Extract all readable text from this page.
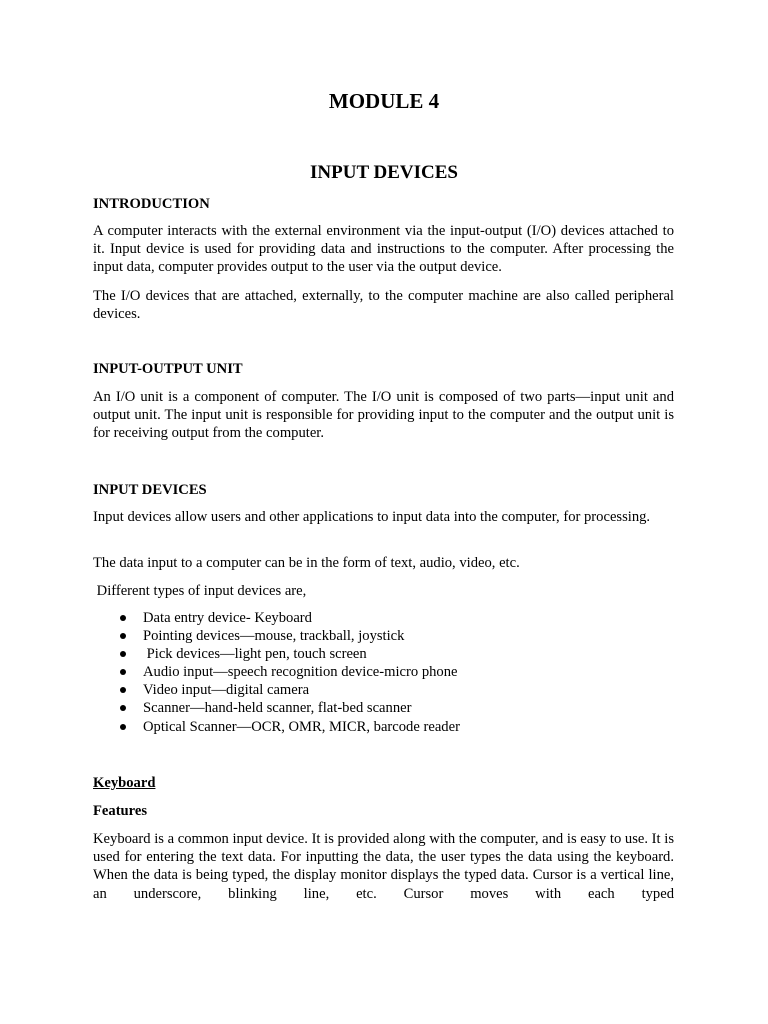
MODULE 4
INPUT DEVICES
INTRODUCTION

A computer interacts with the external environment via the input-output (I/O) devices attached to it. Input device is used for providing data and instructions to the computer. After processing the input data, computer provides output to the user via the output device.

The I/O devices that are attached, externally, to the computer machine are also called peripheral devices.

INPUT-OUTPUT UNIT

An I/O unit is a component of computer. The I/O unit is composed of two parts—input unit and output unit. The input unit is responsible for providing input to the computer and the output unit is for receiving output from the computer.

INPUT DEVICES

Input devices allow users and other applications to input data into the computer, for processing.

The data input to a computer can be in the form of text, audio, video, etc.

Different types of input devices are,

Data entry device- Keyboard
Pointing devices—mouse, trackball, joystick
Pick devices—light pen, touch screen
Audio input—speech recognition device-micro phone
Video input—digital camera
Scanner—hand-held scanner, flat-bed scanner
Optical Scanner—OCR, OMR, MICR, barcode reader
Keyboard
Features

Keyboard is a common input device. It is provided along with the computer, and is easy to use. It is used for entering the text data. For inputting the data, the user types the data using the keyboard. When the data is being typed, the display monitor displays the typed data. Cursor is a vertical line, an underscore, blinking line, etc. Cursor moves with each typed
